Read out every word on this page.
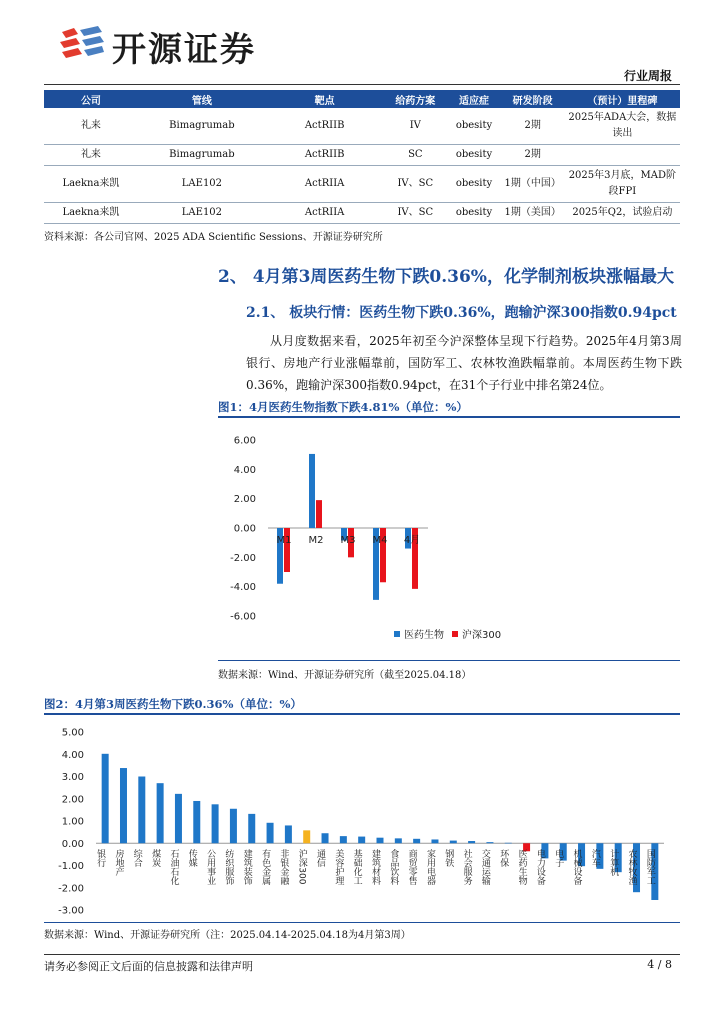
开源证券
行业周报
公司	管线	靶点	给药方案	适应症	研发阶段	（预计）里程碑
礼来	Bimagrumab	ActRIIB	IV	obesity	2期	2025年ADA大会，数据读出
礼来	Bimagrumab	ActRIIB	SC	obesity	2期	
Laekna来凯	LAE102	ActRIIA	IV、SC	obesity	1期（中国）	2025年3月底，MAD阶段FPI
Laekna来凯	LAE102	ActRIIA	IV、SC	obesity	1期（美国）	2025年Q2，试验启动
资料来源：各公司官网、2025 ADA Scientific Sessions、开源证券研究所
2、 4月第3周医药生物下跌0.36%，化学制剂板块涨幅最大
2.1、 板块行情：医药生物下跌0.36%，跑输沪深300指数0.94pct
从月度数据来看，2025年初至今沪深整体呈现下行趋势。2025年4月第3周银行、房地产行业涨幅靠前，国防军工、农林牧渔跌幅靠前。本周医药生物下跌0.36%，跑输沪深300指数0.94pct，在31个子行业中排名第24位。
图1：4月医药生物指数下跌4.81%（单位：%）
6.00
4.00
2.00
0.00
-2.00
-4.00
-6.00
M1 M2 M3 M4 4月
医药生物 沪深300
数据来源：Wind、开源证券研究所（截至2025.04.18）
图2：4月第3周医药生物下跌0.36%（单位：%）
5.00
4.00
3.00
2.00
1.00
0.00
-1.00
-2.00
-3.00
银行 房地产 综合 煤炭 石油石化 传媒 公用事业 纺织服饰 建筑装饰 有色金属 非银金融 沪深300 通信 美容护理 基础化工 建筑材料 食品饮料 商贸零售 家用电器 钢铁 社会服务 交通运输 环保 医药生物 电力设备 电子 机械设备 汽车 计算机 农林牧渔 国防军工
数据来源：Wind、开源证券研究所（注：2025.04.14-2025.04.18为4月第3周）
请务必参阅正文后面的信息披露和法律声明	4 / 8
